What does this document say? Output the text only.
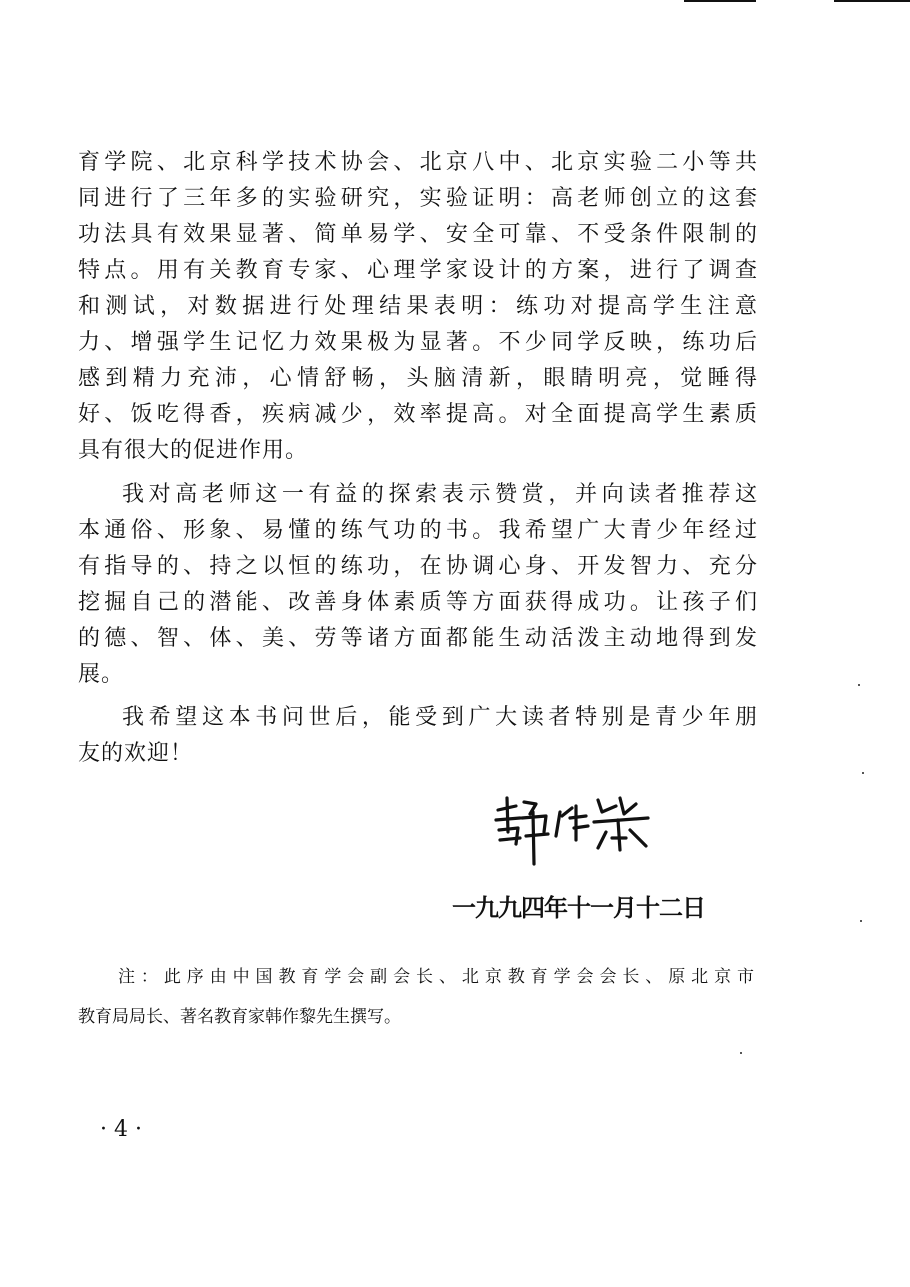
育学院、北京科学技术协会、北京八中、北京实验二小等共
同进行了三年多的实验研究，实验证明：高老师创立的这套
功法具有效果显著、简单易学、安全可靠、不受条件限制的
特点。用有关教育专家、心理学家设计的方案，进行了调查
和测试，对数据进行处理结果表明：练功对提高学生注意
力、增强学生记忆力效果极为显著。不少同学反映，练功后
感到精力充沛，心情舒畅，头脑清新，眼睛明亮，觉睡得
好、饭吃得香，疾病减少，效率提高。对全面提高学生素质
具有很大的促进作用。
我对高老师这一有益的探索表示赞赏，并向读者推荐这
本通俗、形象、易懂的练气功的书。我希望广大青少年经过
有指导的、持之以恒的练功，在协调心身、开发智力、充分
挖掘自己的潜能、改善身体素质等方面获得成功。让孩子们
的德、智、体、美、劳等诸方面都能生动活泼主动地得到发
展。
我希望这本书问世后，能受到广大读者特别是青少年朋
友的欢迎！
一九九四年十一月十二日
注：此序由中国教育学会副会长、北京教育学会会长、原北京市
教育局局长、著名教育家韩作黎先生撰写。
· 4 ·
